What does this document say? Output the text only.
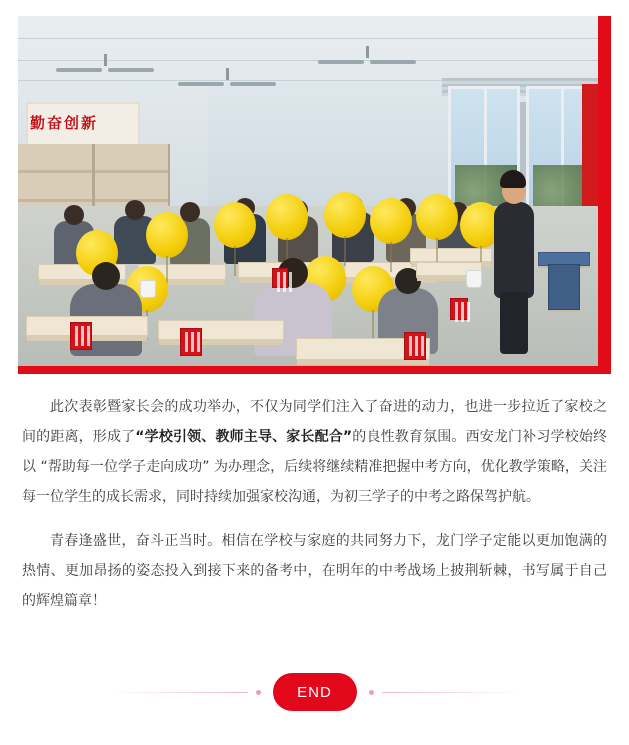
勤奋创新

此次表彰暨家长会的成功举办，不仅为同学们注入了奋进的动力，也进一步拉近了家校之间的距离，形成了“学校引领、教师主导、家长配合”的良性教育氛围。西安龙门补习学校始终以 “帮助每一位学子走向成功” 为办理念，后续将继续精准把握中考方向，优化教学策略，关注每一位学生的成长需求，同时持续加强家校沟通，为初三学子的中考之路保驾护航。

青春逢盛世，奋斗正当时。相信在学校与家庭的共同努力下，龙门学子定能以更加饱满的热情、更加昂扬的姿态投入到接下来的备考中，在明年的中考战场上披荆斩棘，书写属于自己的辉煌篇章！

END
